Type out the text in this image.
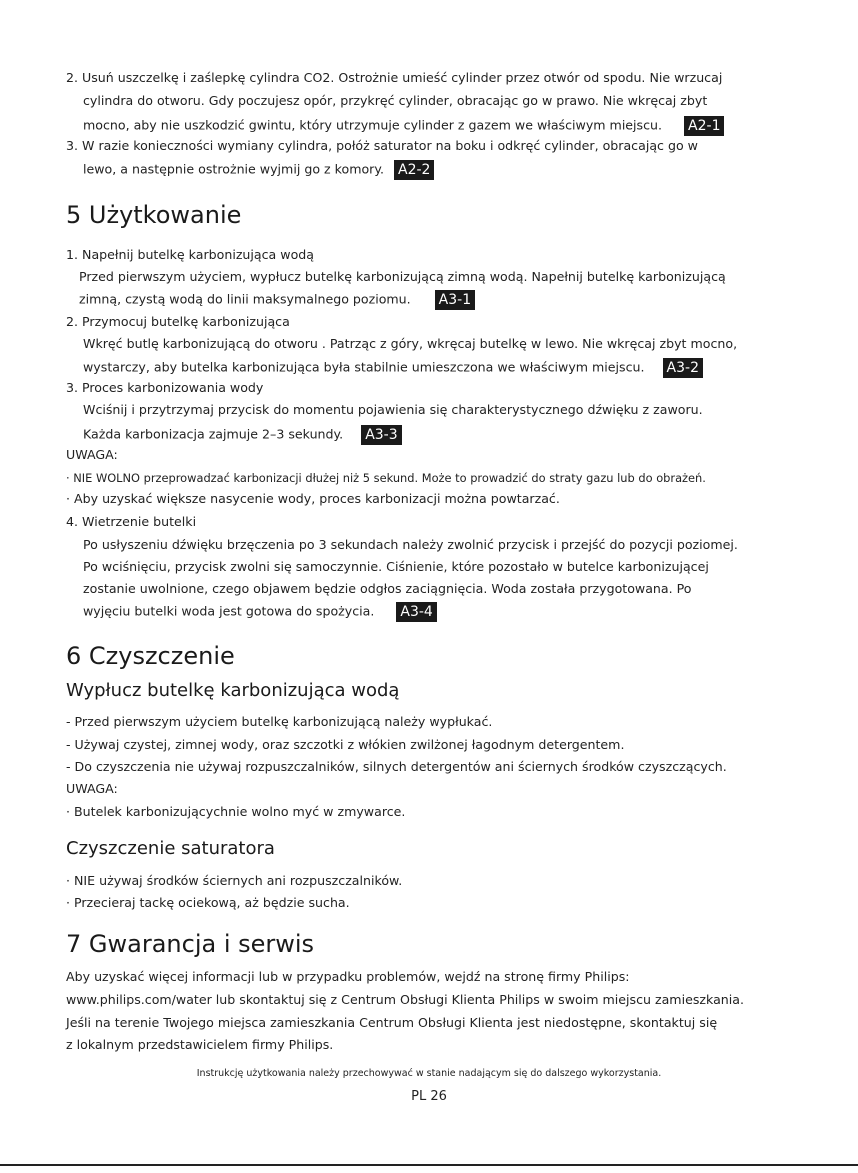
2. Usuń uszczelkę i zaślepkę cylindra CO2. Ostrożnie umieść cylinder przez otwór od spodu. Nie wrzucaj
cylindra do otworu. Gdy poczujesz opór, przykręć cylinder, obracając go w prawo. Nie wkręcaj zbyt
mocno, aby nie uszkodzić gwintu, który utrzymuje cylinder z gazem we właściwym miejscu. A2-1
3. W razie konieczności wymiany cylindra, połóż saturator na boku i odkręć cylinder, obracając go w
lewo, a następnie ostrożnie wyjmij go z komory. A2-2
5 Użytkowanie
1. Napełnij butelkę karbonizująca wodą
Przed pierwszym użyciem, wypłucz butelkę karbonizującą zimną wodą. Napełnij butelkę karbonizującą
zimną, czystą wodą do linii maksymalnego poziomu. A3-1
2. Przymocuj butelkę karbonizująca
Wkręć butlę karbonizującą do otworu . Patrząc z góry, wkręcaj butelkę w lewo. Nie wkręcaj zbyt mocno,
wystarczy, aby butelka karbonizująca była stabilnie umieszczona we właściwym miejscu. A3-2
3. Proces karbonizowania wody
Wciśnij i przytrzymaj przycisk do momentu pojawienia się charakterystycznego dźwięku z zaworu.
Każda karbonizacja zajmuje 2–3 sekundy. A3-3
UWAGA:
· NIE WOLNO przeprowadzać karbonizacji dłużej niż 5 sekund. Może to prowadzić do straty gazu lub do obrażeń.
· Aby uzyskać większe nasycenie wody, proces karbonizacji można powtarzać.
4. Wietrzenie butelki
Po usłyszeniu dźwięku brzęczenia po 3 sekundach należy zwolnić przycisk i przejść do pozycji poziomej.
Po wciśnięciu, przycisk zwolni się samoczynnie. Ciśnienie, które pozostało w butelce karbonizującej
zostanie uwolnione, czego objawem będzie odgłos zaciągnięcia. Woda została przygotowana. Po
wyjęciu butelki woda jest gotowa do spożycia. A3-4
6 Czyszczenie
Wypłucz butelkę karbonizująca wodą
- Przed pierwszym użyciem butelkę karbonizującą należy wypłukać.
- Używaj czystej, zimnej wody, oraz szczotki z włókien zwilżonej łagodnym detergentem.
- Do czyszczenia nie używaj rozpuszczalników, silnych detergentów ani ściernych środków czyszczących.
UWAGA:
· Butelek karbonizującychnie wolno myć w zmywarce.
Czyszczenie saturatora
· NIE używaj środków ściernych ani rozpuszczalników.
· Przecieraj tackę ociekową, aż będzie sucha.
7 Gwarancja i serwis
Aby uzyskać więcej informacji lub w przypadku problemów, wejdź na stronę firmy Philips:
www.philips.com/water lub skontaktuj się z Centrum Obsługi Klienta Philips w swoim miejscu zamieszkania.
Jeśli na terenie Twojego miejsca zamieszkania Centrum Obsługi Klienta jest niedostępne, skontaktuj się
z lokalnym przedstawicielem firmy Philips.
Instrukcję użytkowania należy przechowywać w stanie nadającym się do dalszego wykorzystania.
PL 26
